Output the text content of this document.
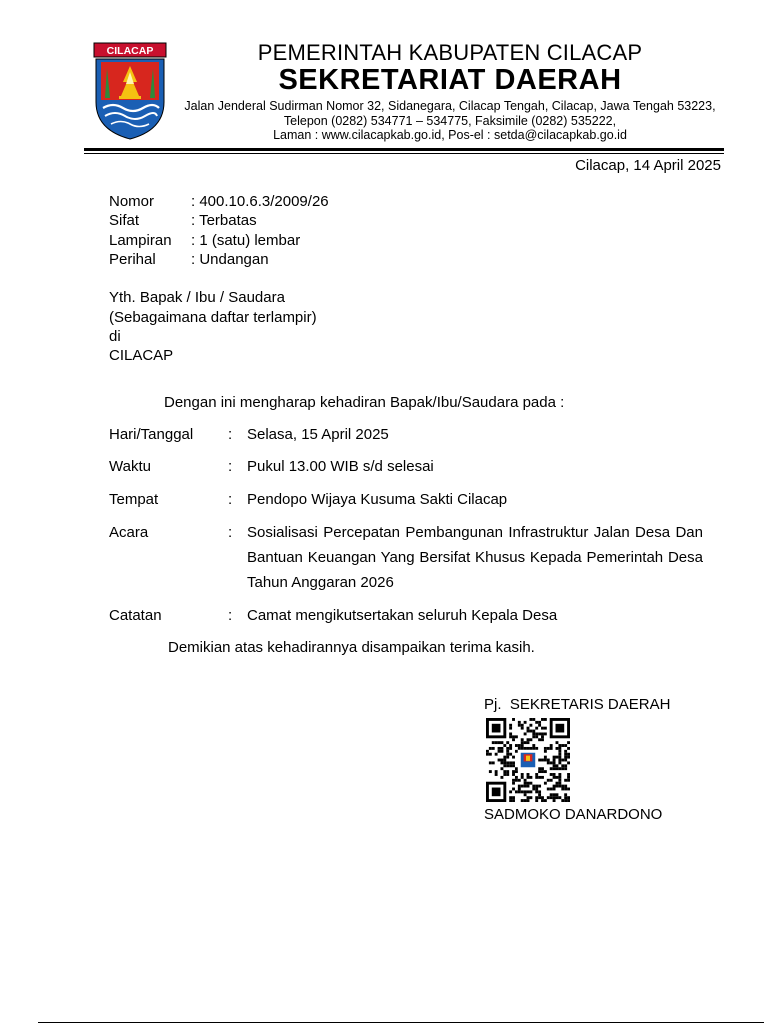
CILACAP	PEMERINTAH KABUPATEN CILACAP
SEKRETARIAT DAERAH
Jalan Jenderal Sudirman Nomor 32, Sidanegara, Cilacap Tengah, Cilacap, Jawa Tengah 53223,
Telepon (0282) 534771 – 534775, Faksimile (0282) 535222,
Laman : www.cilacapkab.go.id, Pos-el : setda@cilacapkab.go.id
Cilacap, 14 April 2025
Nomor : 400.10.6.3/2009/26
Sifat	: Terbatas
Lampiran : 1 (satu) lembar
Perihal : Undangan
Yth. Bapak / Ibu / Saudara
(Sebagaimana daftar terlampir)
di
CILACAP
Dengan ini mengharap kehadiran Bapak/Ibu/Saudara pada :
Hari/Tanggal : Selasa, 15 April 2025
Waktu	: Pukul 13.00 WIB s/d selesai
Tempat	: Pendopo Wijaya Kusuma Sakti Cilacap
Acara	: Sosialisasi Percepatan Pembangunan Infrastruktur Jalan Desa Dan Bantuan Keuangan Yang Bersifat Khusus Kepada Pemerintah Desa Tahun Anggaran 2026
Catatan	: Camat mengikutsertakan seluruh Kepala Desa
Demikian atas kehadirannya disampaikan terima kasih.
Pj.  SEKRETARIS DAERAH
SADMOKO DANARDONO
